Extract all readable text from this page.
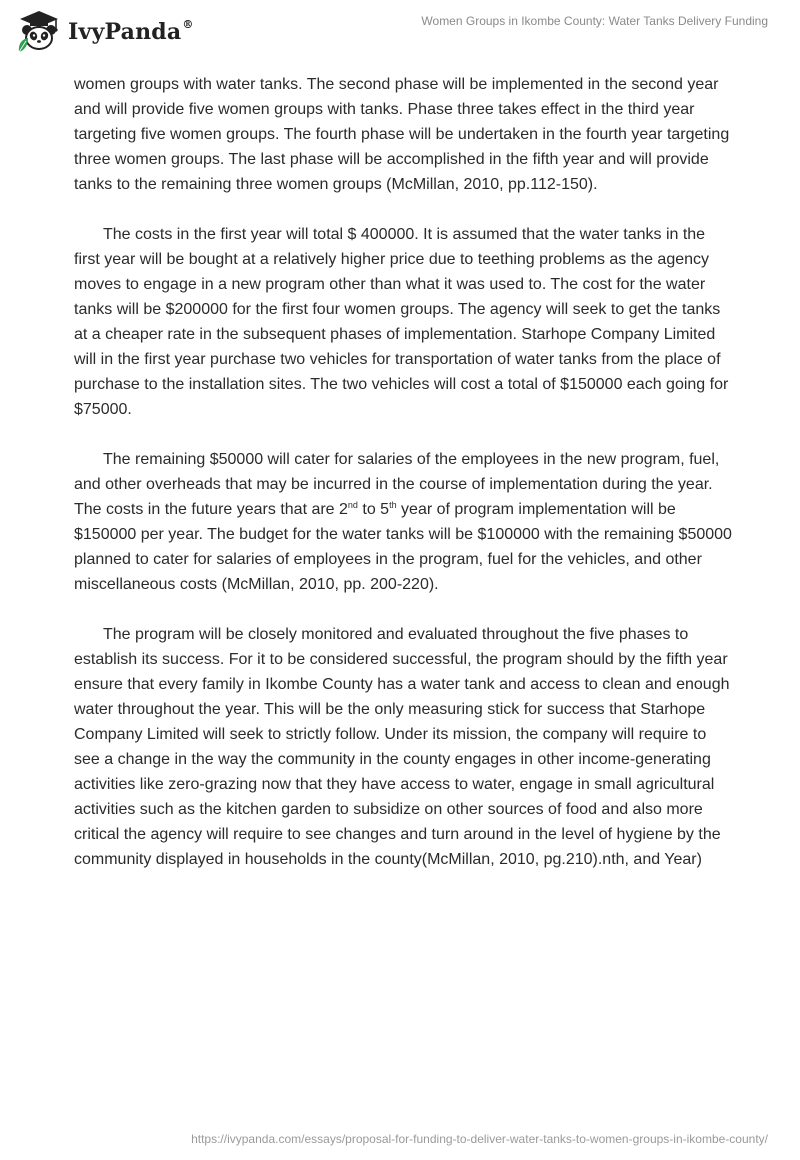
IvyPanda®	Women Groups in Ikombe County: Water Tanks Delivery Funding

women groups with water tanks. The second phase will be implemented in the second year and will provide five women groups with tanks. Phase three takes effect in the third year targeting five women groups. The fourth phase will be undertaken in the fourth year targeting three women groups. The last phase will be accomplished in the fifth year and will provide tanks to the remaining three women groups (McMillan, 2010, pp.112-150).

The costs in the first year will total $ 400000. It is assumed that the water tanks in the first year will be bought at a relatively higher price due to teething problems as the agency moves to engage in a new program other than what it was used to. The cost for the water tanks will be $200000 for the first four women groups. The agency will seek to get the tanks at a cheaper rate in the subsequent phases of implementation. Starhope Company Limited will in the first year purchase two vehicles for transportation of water tanks from the place of purchase to the installation sites. The two vehicles will cost a total of $150000 each going for $75000.

The remaining $50000 will cater for salaries of the employees in the new program, fuel, and other overheads that may be incurred in the course of implementation during the year. The costs in the future years that are 2nd to 5th year of program implementation will be $150000 per year. The budget for the water tanks will be $100000 with the remaining $50000 planned to cater for salaries of employees in the program, fuel for the vehicles, and other miscellaneous costs (McMillan, 2010, pp. 200-220).

The program will be closely monitored and evaluated throughout the five phases to establish its success. For it to be considered successful, the program should by the fifth year ensure that every family in Ikombe County has a water tank and access to clean and enough water throughout the year. This will be the only measuring stick for success that Starhope Company Limited will seek to strictly follow. Under its mission, the company will require to see a change in the way the community in the county engages in other income-generating activities like zero-grazing now that they have access to water, engage in small agricultural activities such as the kitchen garden to subsidize on other sources of food and also more critical the agency will require to see changes and turn around in the level of hygiene by the community displayed in households in the county(McMillan, 2010, pg.210).nth, and Year)

https://ivypanda.com/essays/proposal-for-funding-to-deliver-water-tanks-to-women-groups-in-ikombe-county/
